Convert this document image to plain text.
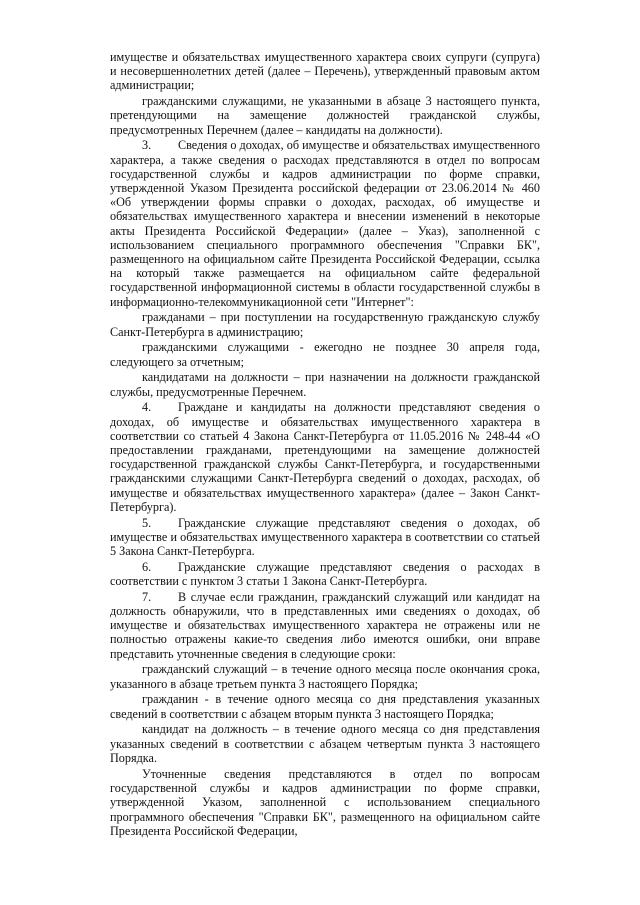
имуществе и обязательствах имущественного характера своих супруги (супруга) и несовершеннолетних детей (далее – Перечень), утвержденный правовым актом администрации;

гражданскими служащими, не указанными в абзаце 3 настоящего пункта, претендующими на замещение должностей гражданской службы, предусмотренных Перечнем (далее – кандидаты на должности).

3. Сведения о доходах, об имуществе и обязательствах имущественного характера, а также сведения о расходах представляются в отдел по вопросам государственной службы и кадров администрации по форме справки, утвержденной Указом Президента российской федерации от 23.06.2014 № 460 «Об утверждении формы справки о доходах, расходах, об имуществе и обязательствах имущественного характера и внесении изменений в некоторые акты Президента Российской Федерации» (далее – Указ), заполненной с использованием специального программного обеспечения "Справки БК", размещенного на официальном сайте Президента Российской Федерации, ссылка на который также размещается на официальном сайте федеральной государственной информационной системы в области государственной службы в информационно-телекоммуникационной сети "Интернет":

гражданами – при поступлении на государственную гражданскую службу Санкт-Петербурга в администрацию;

гражданскими служащими - ежегодно не позднее 30 апреля года, следующего за отчетным;

кандидатами на должности – при назначении на должности гражданской службы, предусмотренные Перечнем.

4. Граждане и кандидаты на должности представляют сведения о доходах, об имуществе и обязательствах имущественного характера в соответствии со статьей 4 Закона Санкт-Петербурга от 11.05.2016 № 248-44 «О предоставлении гражданами, претендующими на замещение должностей государственной гражданской службы Санкт-Петербурга, и государственными гражданскими служащими Санкт-Петербурга сведений о доходах, расходах, об имуществе и обязательствах имущественного характера» (далее – Закон Санкт-Петербурга).

5. Гражданские служащие представляют сведения о доходах, об имуществе и обязательствах имущественного характера в соответствии со статьей 5 Закона Санкт-Петербурга.

6. Гражданские служащие представляют сведения о расходах в соответствии с пунктом 3 статьи 1 Закона Санкт-Петербурга.

7. В случае если гражданин, гражданский служащий или кандидат на должность обнаружили, что в представленных ими сведениях о доходах, об имуществе и обязательствах имущественного характера не отражены или не полностью отражены какие-то сведения либо имеются ошибки, они вправе представить уточненные сведения в следующие сроки:

гражданский служащий – в течение одного месяца после окончания срока, указанного в абзаце третьем пункта 3 настоящего Порядка;

гражданин - в течение одного месяца со дня представления указанных сведений в соответствии с абзацем вторым пункта 3 настоящего Порядка;

кандидат на должность – в течение одного месяца со дня представления указанных сведений в соответствии с абзацем четвертым пункта 3 настоящего Порядка.

Уточненные сведения представляются в отдел по вопросам государственной службы и кадров администрации по форме справки, утвержденной Указом, заполненной с использованием специального программного обеспечения "Справки БК", размещенного на официальном сайте Президента Российской Федерации,
